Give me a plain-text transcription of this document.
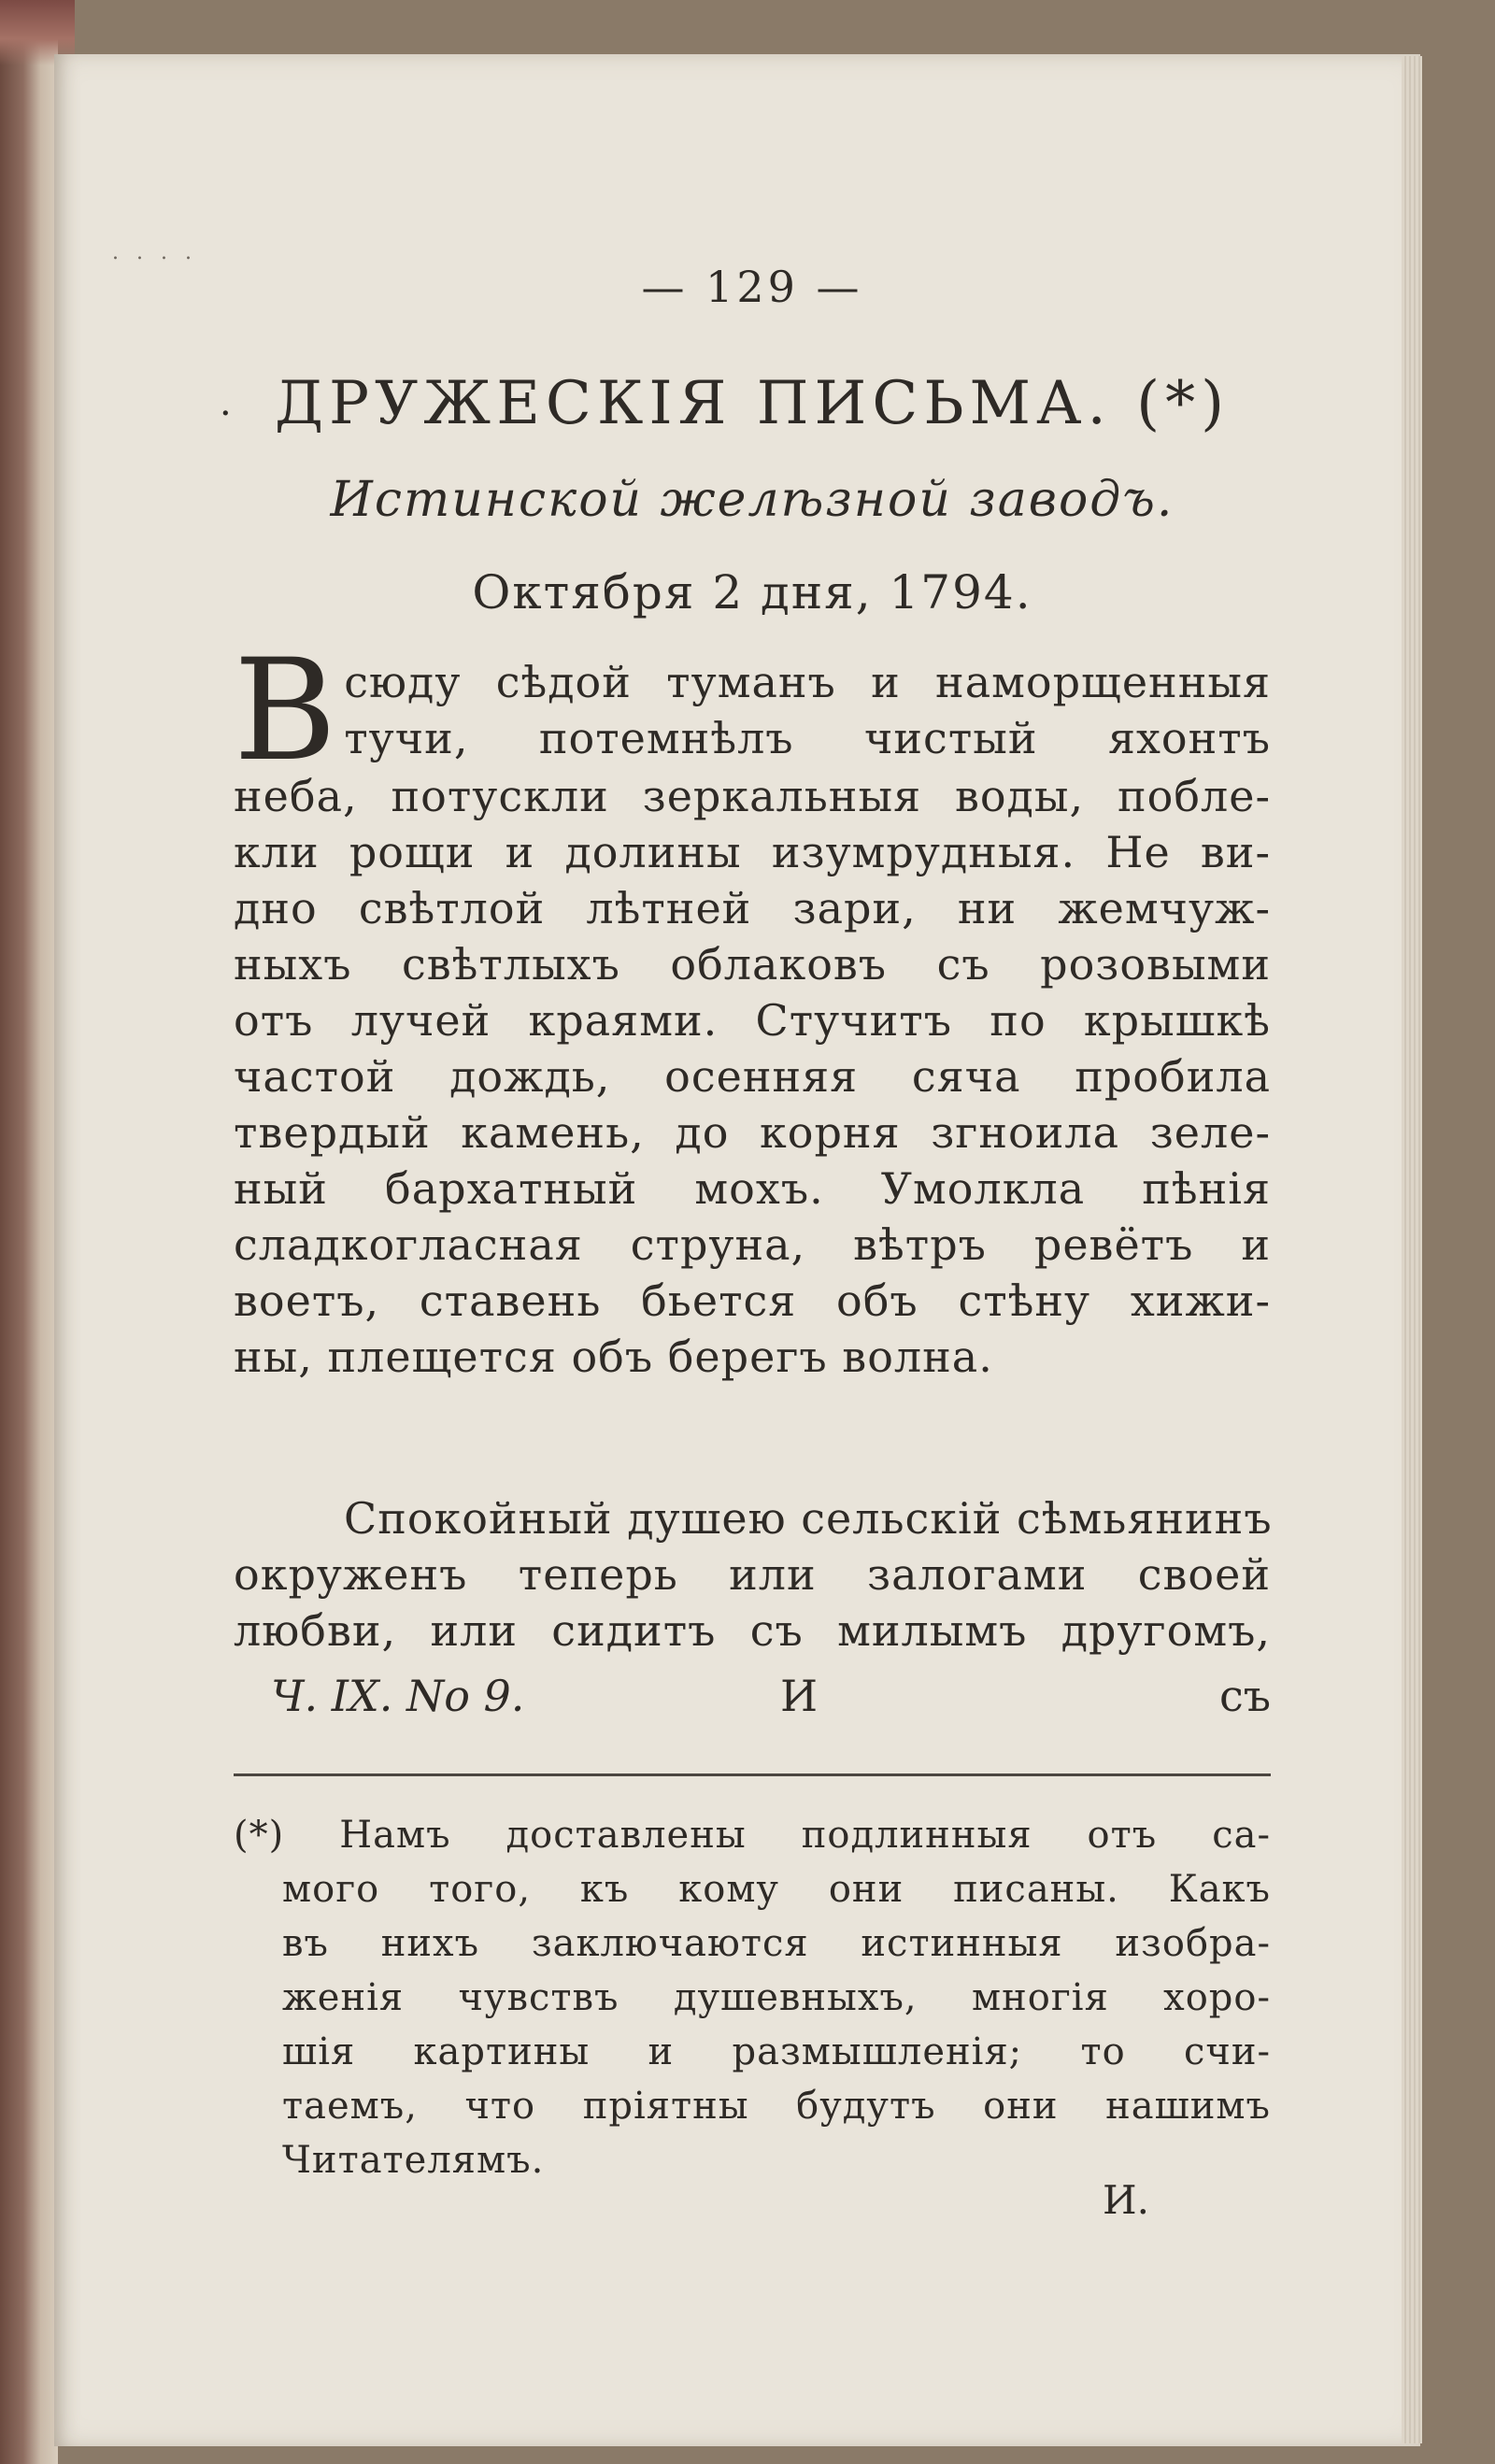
. . . .
— 129 —
· ДРУЖЕСКІЯ ПИСЬМА. (*)
Истинской желѣзной заводъ.
Октября 2 дня, 1794.
В сюду сѣдой туманъ и наморщенныя
тучи, потемнѣлъ чистый яхонтъ
неба, потускли зеркальныя воды, побле-
кли рощи и долины изумрудныя. Не ви-
дно свѣтлой лѣтней зари, ни жемчуж-
ныхъ свѣтлыхъ облаковъ съ розовыми
отъ лучей краями. Стучитъ по крышкѣ
частой дождь, осенняя сяча пробила
твердый камень, до корня згноила зеле-
ный бархатный мохъ. Умолкла пѣнія
сладкогласная струна, вѣтръ ревётъ и
воетъ, ставень бьется объ стѣну хижи-
ны, плещется объ берегъ волна.
Спокойный душею сельскій сѣмьянинъ
окруженъ теперь или залогами своей
любви, или сидитъ съ милымъ другомъ,
Ч. IX. No 9.	И	съ
(*) Намъ доставлены подлинныя отъ са-
мого того, къ кому они писаны. Какъ
въ нихъ заключаются истинныя изобра-
женія чувствъ душевныхъ, многія хоро-
шія картины и размышленія; то счи-
таемъ, что пріятны будутъ они нашимъ
Читателямъ.
И.
